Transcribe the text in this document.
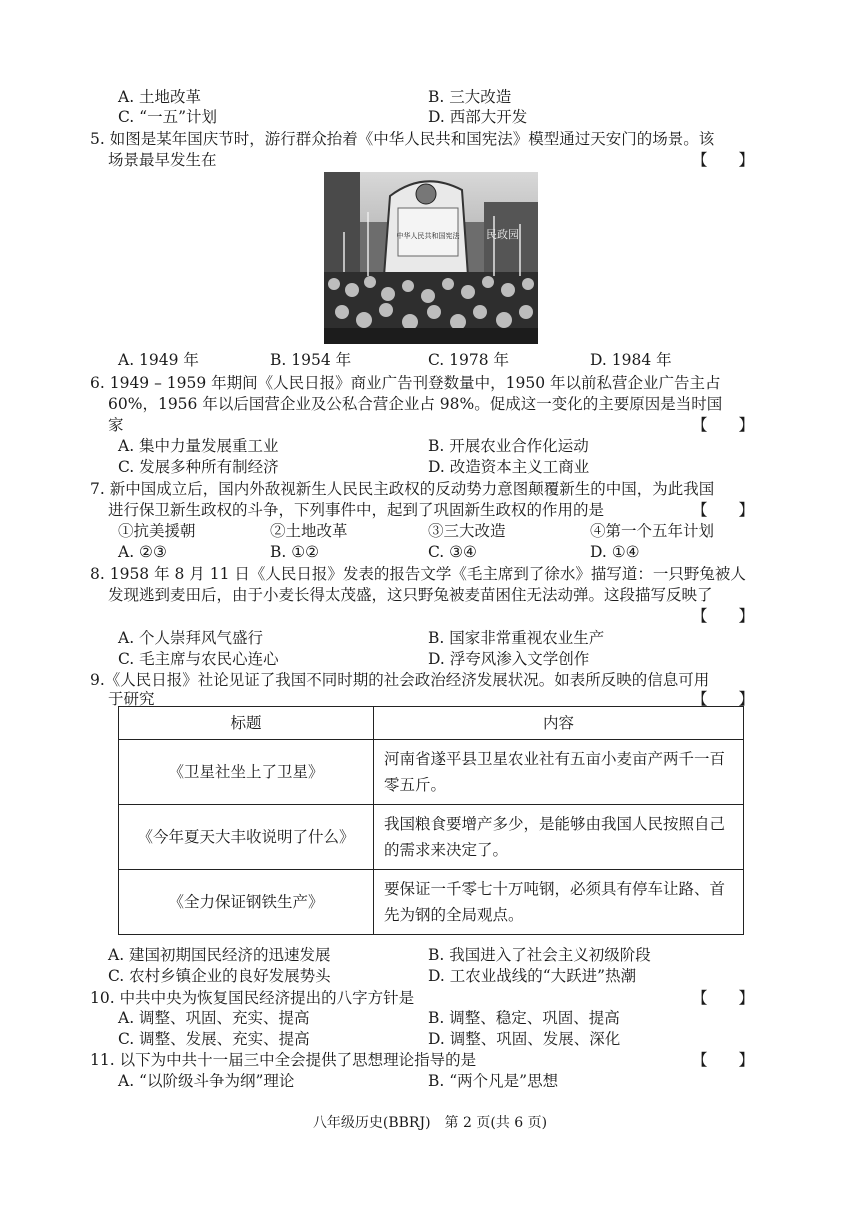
A. 土地改革	B. 三大改造
C. “一五”计划	D. 西部大开发
5. 如图是某年国庆节时，游行群众抬着《中华人民共和国宪法》模型通过天安门的场景。该
场景最早发生在	【　　】
民政园
中华人民共和国宪法
A. 1949 年	B. 1954 年	C. 1978 年	D. 1984 年
6. 1949 – 1959 年期间《人民日报》商业广告刊登数量中，1950 年以前私营企业广告主占
60%，1956 年以后国营企业及公私合营企业占 98%。促成这一变化的主要原因是当时国
家	【　　】
A. 集中力量发展重工业	B. 开展农业合作化运动
C. 发展多种所有制经济	D. 改造资本主义工商业
7. 新中国成立后，国内外敌视新生人民民主政权的反动势力意图颠覆新生的中国，为此我国
进行保卫新生政权的斗争，下列事件中，起到了巩固新生政权的作用的是	【　　】
①抗美援朝	②土地改革	③三大改造	④第一个五年计划
A. ②③	B. ①②	C. ③④	D. ①④
8. 1958 年 8 月 11 日《人民日报》发表的报告文学《毛主席到了徐水》描写道：一只野兔被人
发现逃到麦田后，由于小麦长得太茂盛，这只野兔被麦苗困住无法动弹。这段描写反映了
【　　】
A. 个人崇拜风气盛行	B. 国家非常重视农业生产
C. 毛主席与农民心连心	D. 浮夸风渗入文学创作
9.《人民日报》社论见证了我国不同时期的社会政治经济发展状况。如表所反映的信息可用
于研究	【　　】
标题	内容
《卫星社坐上了卫星》	河南省遂平县卫星农业社有五亩小麦亩产两千一百零五斤。
《今年夏天大丰收说明了什么》	我国粮食要增产多少，是能够由我国人民按照自己的需求来决定了。
《全力保证钢铁生产》	要保证一千零七十万吨钢，必须具有停车让路、首先为钢的全局观点。
A. 建国初期国民经济的迅速发展	B. 我国进入了社会主义初级阶段
C. 农村乡镇企业的良好发展势头	D. 工农业战线的“大跃进”热潮
10. 中共中央为恢复国民经济提出的八字方针是	【　　】
A. 调整、巩固、充实、提高	B. 调整、稳定、巩固、提高
C. 调整、发展、充实、提高	D. 调整、巩固、发展、深化
11. 以下为中共十一届三中全会提供了思想理论指导的是	【　　】
A. “以阶级斗争为纲”理论	B. “两个凡是”思想
八年级历史(BBRJ)　第 2 页(共 6 页)
